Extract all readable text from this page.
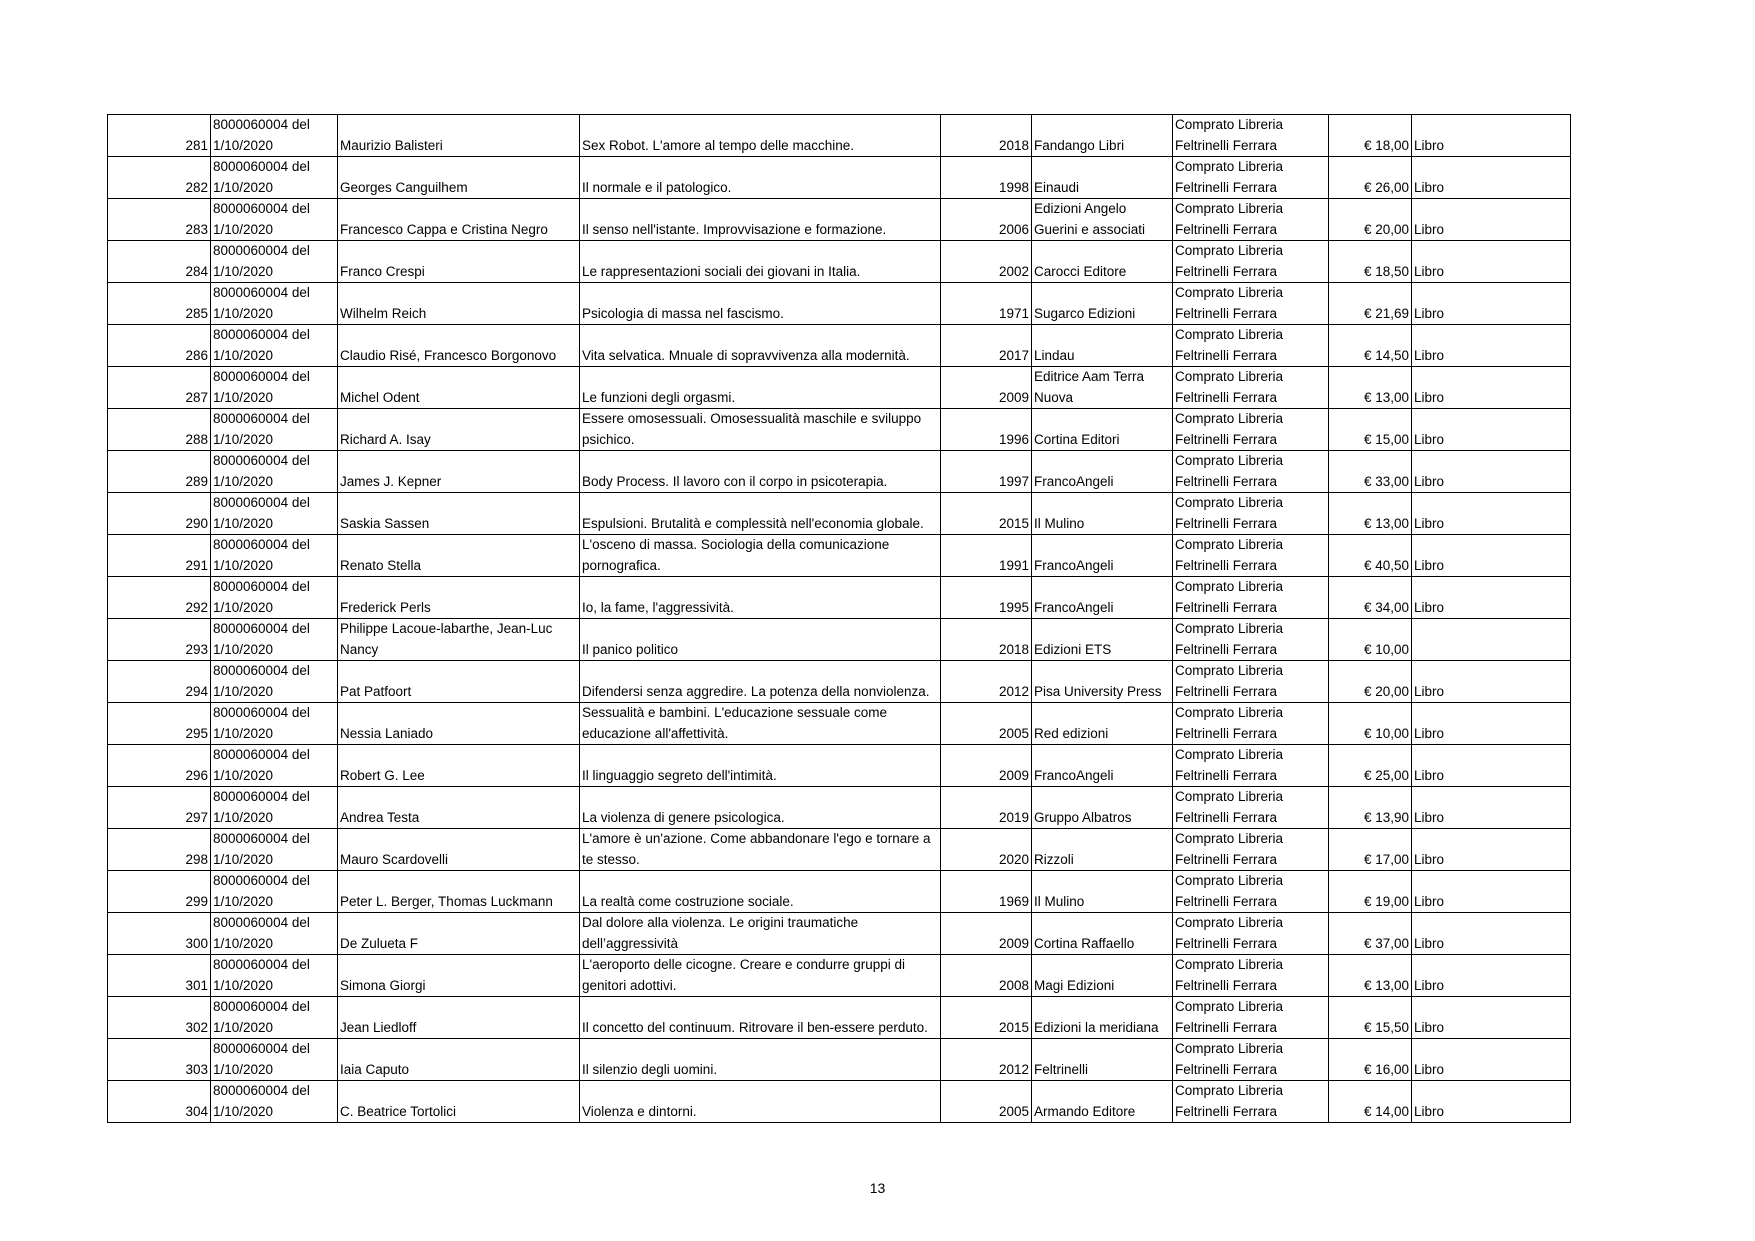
281	8000060004 del 1/10/2020	Maurizio Balisteri	Sex Robot. L'amore al tempo delle macchine.	2018	Fandango Libri	Comprato Libreria Feltrinelli Ferrara	€ 18,00	Libro
282	8000060004 del 1/10/2020	Georges Canguilhem	Il normale e il patologico.	1998	Einaudi	Comprato Libreria Feltrinelli Ferrara	€ 26,00	Libro
283	8000060004 del 1/10/2020	Francesco Cappa e Cristina Negro	Il senso nell'istante. Improvvisazione e formazione.	2006	Edizioni Angelo Guerini e associati	Comprato Libreria Feltrinelli Ferrara	€ 20,00	Libro
284	8000060004 del 1/10/2020	Franco Crespi	Le rappresentazioni sociali dei giovani in Italia.	2002	Carocci Editore	Comprato Libreria Feltrinelli Ferrara	€ 18,50	Libro
285	8000060004 del 1/10/2020	Wilhelm Reich	Psicologia di massa nel fascismo.	1971	Sugarco Edizioni	Comprato Libreria Feltrinelli Ferrara	€ 21,69	Libro
286	8000060004 del 1/10/2020	Claudio Risé, Francesco Borgonovo	Vita selvatica. Mnuale di sopravvivenza alla modernità.	2017	Lindau	Comprato Libreria Feltrinelli Ferrara	€ 14,50	Libro
287	8000060004 del 1/10/2020	Michel Odent	Le funzioni degli orgasmi.	2009	Editrice Aam Terra Nuova	Comprato Libreria Feltrinelli Ferrara	€ 13,00	Libro
288	8000060004 del 1/10/2020	Richard A. Isay	Essere omosessuali. Omosessualità maschile e sviluppo psichico.	1996	Cortina Editori	Comprato Libreria Feltrinelli Ferrara	€ 15,00	Libro
289	8000060004 del 1/10/2020	James J. Kepner	Body Process. Il lavoro con il corpo in psicoterapia.	1997	FrancoAngeli	Comprato Libreria Feltrinelli Ferrara	€ 33,00	Libro
290	8000060004 del 1/10/2020	Saskia Sassen	Espulsioni. Brutalità e complessità nell'economia globale.	2015	Il Mulino	Comprato Libreria Feltrinelli Ferrara	€ 13,00	Libro
291	8000060004 del 1/10/2020	Renato Stella	L'osceno di massa. Sociologia della comunicazione pornografica.	1991	FrancoAngeli	Comprato Libreria Feltrinelli Ferrara	€ 40,50	Libro
292	8000060004 del 1/10/2020	Frederick Perls	Io, la fame, l'aggressività.	1995	FrancoAngeli	Comprato Libreria Feltrinelli Ferrara	€ 34,00	Libro
293	8000060004 del 1/10/2020	Philippe Lacoue-labarthe, Jean-Luc Nancy	Il panico politico	2018	Edizioni ETS	Comprato Libreria Feltrinelli Ferrara	€ 10,00	
294	8000060004 del 1/10/2020	Pat Patfoort	Difendersi senza aggredire. La potenza della nonviolenza.	2012	Pisa University Press	Comprato Libreria Feltrinelli Ferrara	€ 20,00	Libro
295	8000060004 del 1/10/2020	Nessia Laniado	Sessualità e bambini. L'educazione sessuale come educazione all'affettività.	2005	Red edizioni	Comprato Libreria Feltrinelli Ferrara	€ 10,00	Libro
296	8000060004 del 1/10/2020	Robert G. Lee	Il linguaggio segreto dell'intimità.	2009	FrancoAngeli	Comprato Libreria Feltrinelli Ferrara	€ 25,00	Libro
297	8000060004 del 1/10/2020	Andrea Testa	La violenza di genere psicologica.	2019	Gruppo Albatros	Comprato Libreria Feltrinelli Ferrara	€ 13,90	Libro
298	8000060004 del 1/10/2020	Mauro Scardovelli	L'amore è un'azione. Come abbandonare l'ego e tornare a te stesso.	2020	Rizzoli	Comprato Libreria Feltrinelli Ferrara	€ 17,00	Libro
299	8000060004 del 1/10/2020	Peter L. Berger, Thomas Luckmann	La realtà come costruzione sociale.	1969	Il Mulino	Comprato Libreria Feltrinelli Ferrara	€ 19,00	Libro
300	8000060004 del 1/10/2020	De Zulueta F	Dal dolore alla violenza. Le origini traumatiche dell’aggressività	2009	Cortina Raffaello	Comprato Libreria Feltrinelli Ferrara	€ 37,00	Libro
301	8000060004 del 1/10/2020	Simona Giorgi	L'aeroporto delle cicogne. Creare e condurre gruppi di genitori adottivi.	2008	Magi Edizioni	Comprato Libreria Feltrinelli Ferrara	€ 13,00	Libro
302	8000060004 del 1/10/2020	Jean Liedloff	Il concetto del continuum. Ritrovare il ben-essere perduto.	2015	Edizioni la meridiana	Comprato Libreria Feltrinelli Ferrara	€ 15,50	Libro
303	8000060004 del 1/10/2020	Iaia Caputo	Il silenzio degli uomini.	2012	Feltrinelli	Comprato Libreria Feltrinelli Ferrara	€ 16,00	Libro
304	8000060004 del 1/10/2020	C. Beatrice Tortolici	Violenza e dintorni.	2005	Armando Editore	Comprato Libreria Feltrinelli Ferrara	€ 14,00	Libro
13
